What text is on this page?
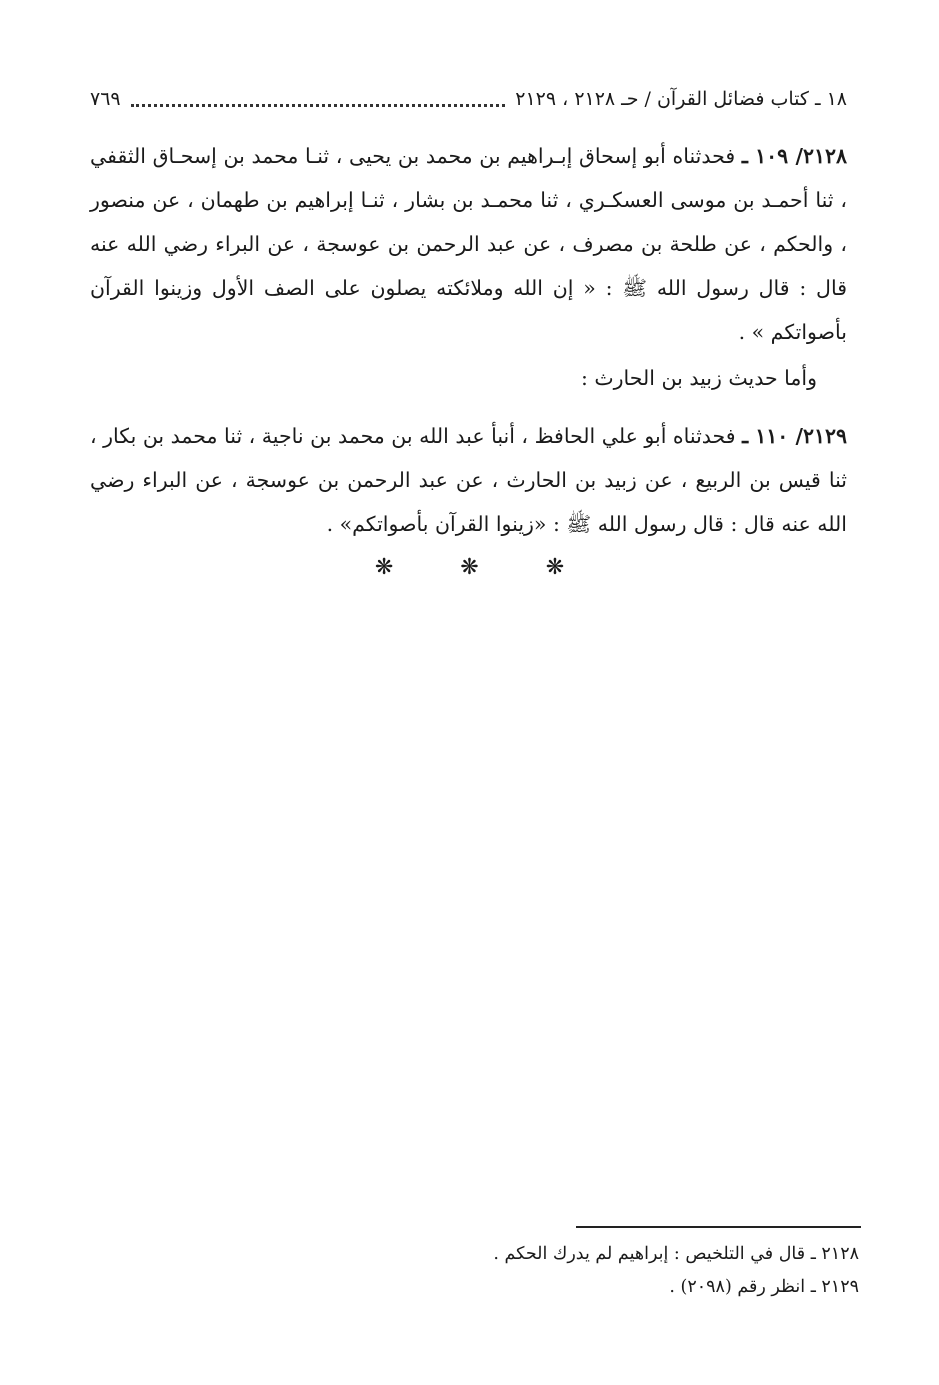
١٨ ـ كتاب فضائل القرآن / حـ ٢١٢٨ ، ٢١٢٩
٧٦٩

٢١٢٨/ ١٠٩ ـ فحدثناه أبو إسحاق إبـراهيم بن محمد بن يحيى ، ثنـا محمد بن إسحـاق الثقفي ، ثنا أحمـد بن موسى العسكـري ، ثنا محمـد بن بشار ، ثنـا إبراهيم بن طهمان ، عن منصور ، والحكم ، عن طلحة بن مصرف ، عن عبد الرحمن بن عوسجة ، عن البراء رضي الله عنه قال : قال رسول الله ﷺ : « إن الله وملائكته يصلون على الصف الأول وزينوا القرآن بأصواتكم » .

وأما حديث زبيد بن الحارث :

٢١٢٩/ ١١٠ ـ فحدثناه أبو علي الحافظ ، أنبأ عبد الله بن محمد بن ناجية ، ثنا محمد بن بكار ، ثنا قيس بن الربيع ، عن زبيد بن الحارث ، عن عبد الرحمن بن عوسجة ، عن البراء رضي الله عنه قال : قال رسول الله ﷺ : «زينوا القرآن بأصواتكم» .

❋	❋	❋

٢١٢٨ ـ قال في التلخيص : إبراهيم لم يدرك الحكم .

٢١٢٩ ـ انظر رقم (٢٠٩٨) .
